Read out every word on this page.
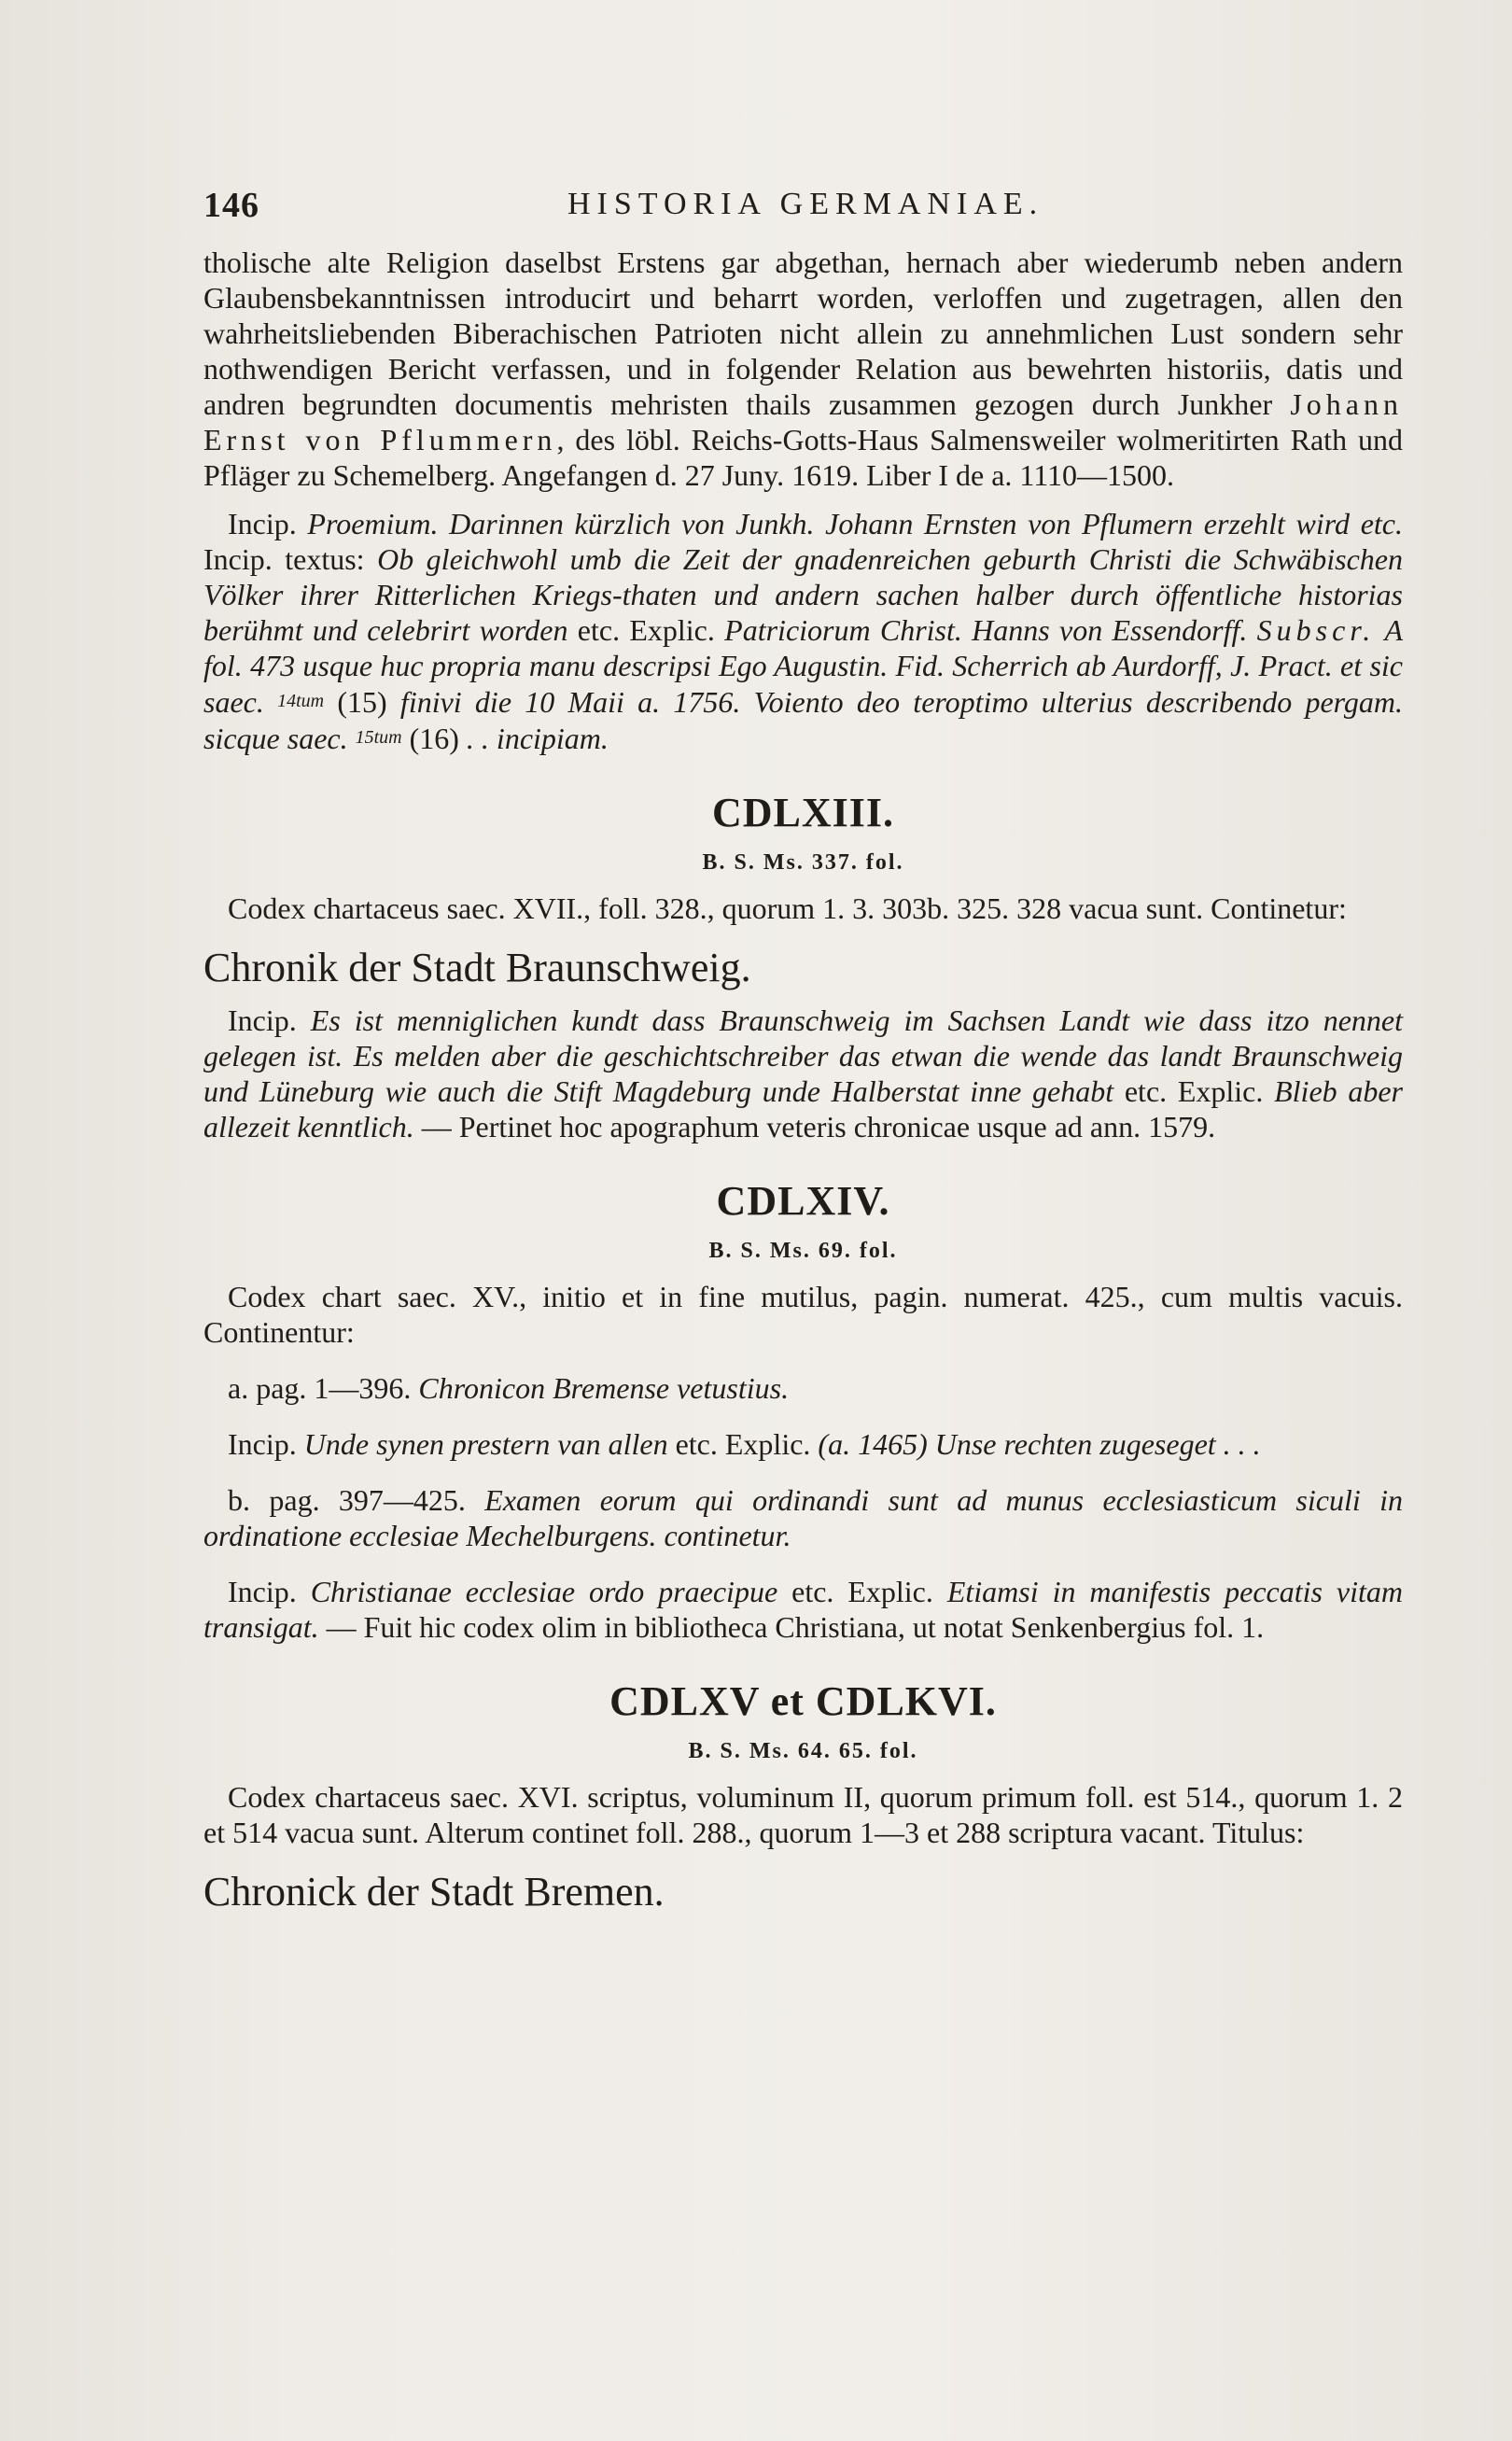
146	HISTORIA GERMANIAE.

tholische alte Religion daselbst Erstens gar abgethan, hernach aber wiederumb neben andern Glaubensbekanntnissen introducirt und beharrt worden, verloffen und zugetragen, allen den wahrheitsliebenden Biberachischen Patrioten nicht allein zu annehmlichen Lust sondern sehr nothwendigen Bericht verfassen, und in folgender Relation aus bewehrten historiis, datis und andren begrundten documentis mehristen thails zusammen gezogen durch Junkher Johann Ernst von Pflummern, des löbl. Reichs-Gotts-Haus Salmensweiler wolmeritirten Rath und Pfläger zu Schemelberg. Angefangen d. 27 Juny. 1619. Liber I de a. 1110—1500.

Incip. Proemium. Darinnen kürzlich von Junkh. Johann Ernsten von Pflumern erzehlt wird etc. Incip. textus: Ob gleichwohl umb die Zeit der gnadenreichen geburth Christi die Schwäbischen Völker ihrer Ritterlichen Kriegs-thaten und andern sachen halber durch öffentliche historias berühmt und celebrirt worden etc. Explic. Patriciorum Christ. Hanns von Essendorff. Subscr. A fol. 473 usque huc propria manu descripsi Ego Augustin. Fid. Scherrich ab Aurdorff, J. Pract. et sic saec. $^{14tum}$ (15) finivi die 10 Maii a. 1756. Voiento deo teroptimo ulterius describendo pergam. sicque saec. $^{15tum}$ (16) . . incipiam.

CDLXIII.
B. S. Ms. 337. fol.

Codex chartaceus saec. XVII., foll. 328., quorum 1. 3. 303b. 325. 328 vacua sunt. Continetur:

Chronik der Stadt Braunschweig.

Incip. Es ist menniglichen kundt dass Braunschweig im Sachsen Landt wie dass itzo nennet gelegen ist. Es melden aber die geschichtschreiber das etwan die wende das landt Braunschweig und Lüneburg wie auch die Stift Magdeburg unde Halberstat inne gehabt etc. Explic. Blieb aber allezeit kenntlich. — Pertinet hoc apographum veteris chronicae usque ad ann. 1579.

CDLXIV.
B. S. Ms. 69. fol.

Codex chart saec. XV., initio et in fine mutilus, pagin. numerat. 425., cum multis vacuis. Continentur:

a. pag. 1—396. Chronicon Bremense vetustius.

Incip. Unde synen prestern van allen etc. Explic. (a. 1465) Unse rechten zugeseget . . .

b. pag. 397—425. Examen eorum qui ordinandi sunt ad munus ecclesiasticum siculi in ordinatione ecclesiae Mechelburgens. continetur.

Incip. Christianae ecclesiae ordo praecipue etc. Explic. Etiamsi in manifestis peccatis vitam transigat. — Fuit hic codex olim in bibliotheca Christiana, ut notat Senkenbergius fol. 1.

CDLXV et CDLKVI.
B. S. Ms. 64. 65. fol.

Codex chartaceus saec. XVI. scriptus, voluminum II, quorum primum foll. est 514., quorum 1. 2 et 514 vacua sunt. Alterum continet foll. 288., quorum 1—3 et 288 scriptura vacant. Titulus:

Chronick der Stadt Bremen.
